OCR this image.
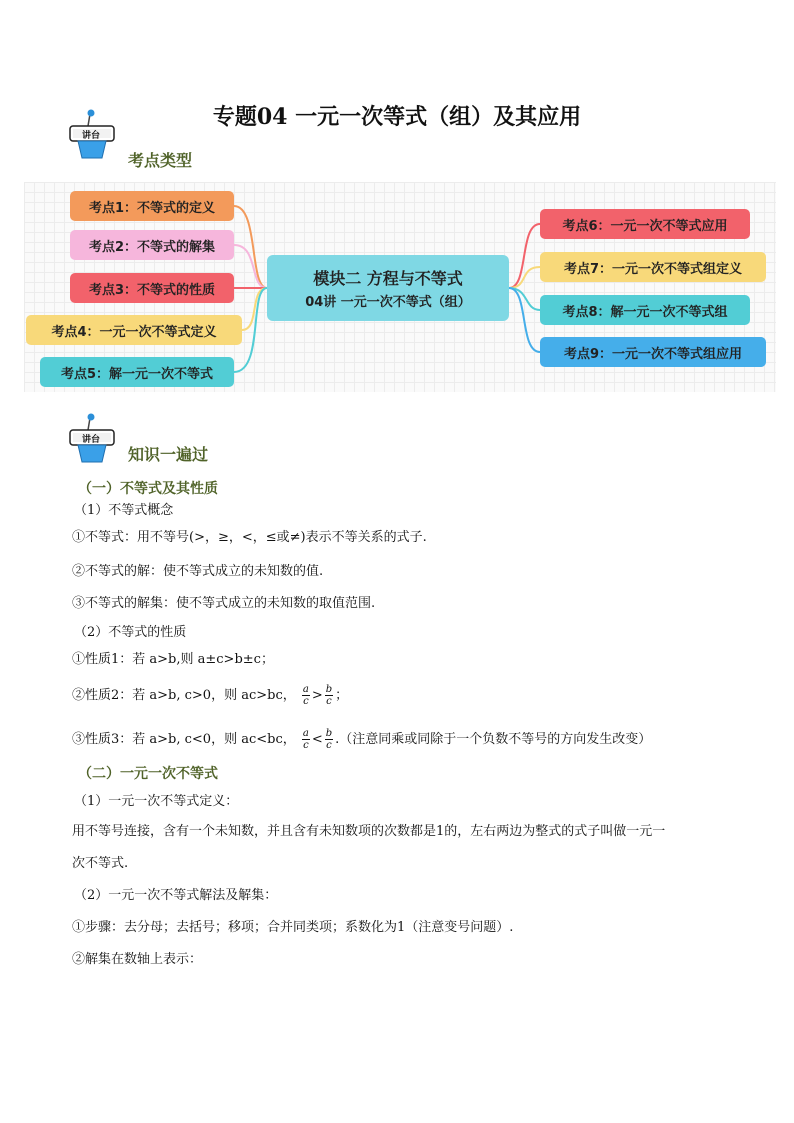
专题04 一元一次等式（组）及其应用
讲台
考点类型
考点1：不等式的定义
考点2：不等式的解集
考点3：不等式的性质
考点4：一元一次不等式定义
考点5：解一元一次不等式
模块二 方程与不等式
04讲 一元一次不等式（组）
考点6：一元一次不等式应用
考点7：一元一次不等式组定义
考点8：解一元一次不等式组
考点9：一元一次不等式组应用
讲台
知识一遍过
（一）不等式及其性质
（1）不等式概念
①不等式：用不等号(>，≥，<，≤或≠)表示不等关系的式子.
②不等式的解：使不等式成立的未知数的值.
③不等式的解集：使不等式成立的未知数的取值范围.
（2）不等式的性质
①性质1：若 a>b,则 a±c>b±c；
②性质2：若 a>b, c>0，则 ac>bc， $\frac{a}{c} > \frac{b}{c}$ ；
③性质3：若 a>b, c<0，则 ac<bc， $\frac{a}{c} < \frac{b}{c}$ .（注意同乘或同除于一个负数不等号的方向发生改变）
（二）一元一次不等式
（1）一元一次不等式定义：
用不等号连接，含有一个未知数，并且含有未知数项的次数都是1的，左右两边为整式的式子叫做一元一
次不等式.
（2）一元一次不等式解法及解集：
①步骤：去分母；去括号；移项；合并同类项；系数化为1（注意变号问题）.
②解集在数轴上表示：
